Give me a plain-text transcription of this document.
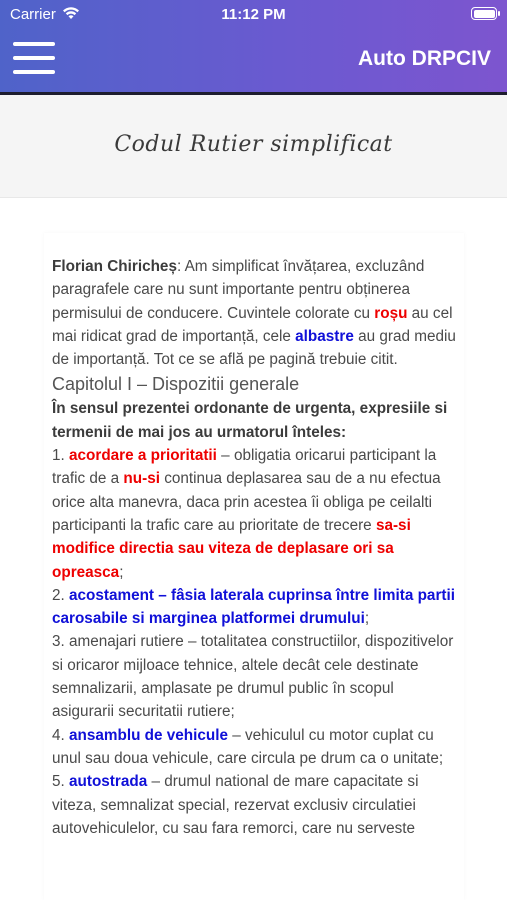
Carrier	11:12 PM
Auto DRPCIV
Codul Rutier simplificat

Florian Chiricheș: Am simplificat învățarea, excluzând paragrafele care nu sunt importante pentru obținerea permisului de conducere. Cuvintele colorate cu roșu au cel mai ridicat grad de importanță, cele albastre au grad mediu de importanță. Tot ce se află pe pagină trebuie citit.

Capitolul I – Dispozitii generale

În sensul prezentei ordonante de urgenta, expresiile si termenii de mai jos au urmatorul înteles:

1. acordare a prioritatii – obligatia oricarui participant la trafic de a nu-si continua deplasarea sau de a nu efectua orice alta manevra, daca prin acestea îi obliga pe ceilalti participanti la trafic care au prioritate de trecere sa-si modifice directia sau viteza de deplasare ori sa opreasca;

2. acostament – fâsia laterala cuprinsa între limita partii carosabile si marginea platformei drumului;

3. amenajari rutiere – totalitatea constructiilor, dispozitivelor si oricaror mijloace tehnice, altele decât cele destinate semnalizarii, amplasate pe drumul public în scopul asigurarii securitatii rutiere;

4. ansamblu de vehicule – vehiculul cu motor cuplat cu unul sau doua vehicule, care circula pe drum ca o unitate;

5. autostrada – drumul national de mare capacitate si viteza, semnalizat special, rezervat exclusiv circulatiei autovehiculelor, cu sau fara remorci, care nu serveste
